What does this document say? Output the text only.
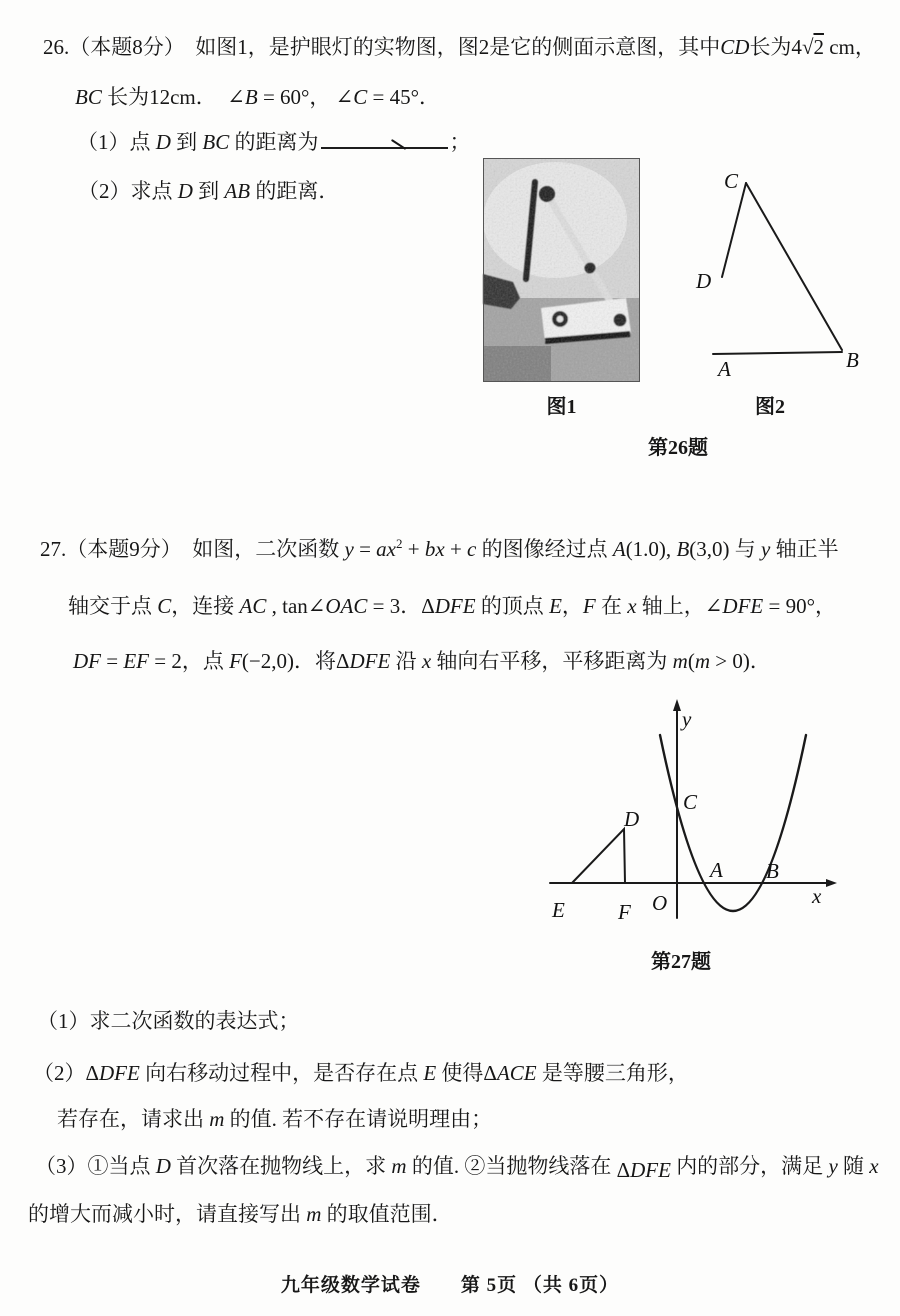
26.（本题8分）　如图1，是护眼灯的实物图，图2是它的侧面示意图，其中CD长为4√2 cm，
BC 长为12cm．　∠B = 60°， ∠C = 45°．
（1）点 D 到 BC 的距离为	；
（2）求点 D 到 AB 的距离．	C
D
A	B
图1	图2
第26题
27.（本题9分）　如图，二次函数 $y = ax^2$ + bx + c 的图像经过点 A(1.0), B(3,0) 与 y 轴正半
轴交于点 C，连接 AC , tan∠OAC = 3．ΔDFE 的顶点 E，F 在 x 轴上，∠DFE = 90°，
DF = EF = 2，点 F(−2,0)．将ΔDFE 沿 x 轴向右平移，平移距离为 m(m > 0)．
y
x
O
C
A B
D
E	F
第27题
（1）求二次函数的表达式；
（2）ΔDFE 向右移动过程中，是否存在点 E 使得ΔACE 是等腰三角形，
若存在，请求出 m 的值. 若不存在请说明理由；
（3）①当点 D 首次落在抛物线上，求 m 的值. ②当抛物线落在 ΔDFE 内的部分，满足 y 随 x
的增大而减小时，请直接写出 m 的取值范围．
九年级数学试卷　　第 5页 （共 6页）
